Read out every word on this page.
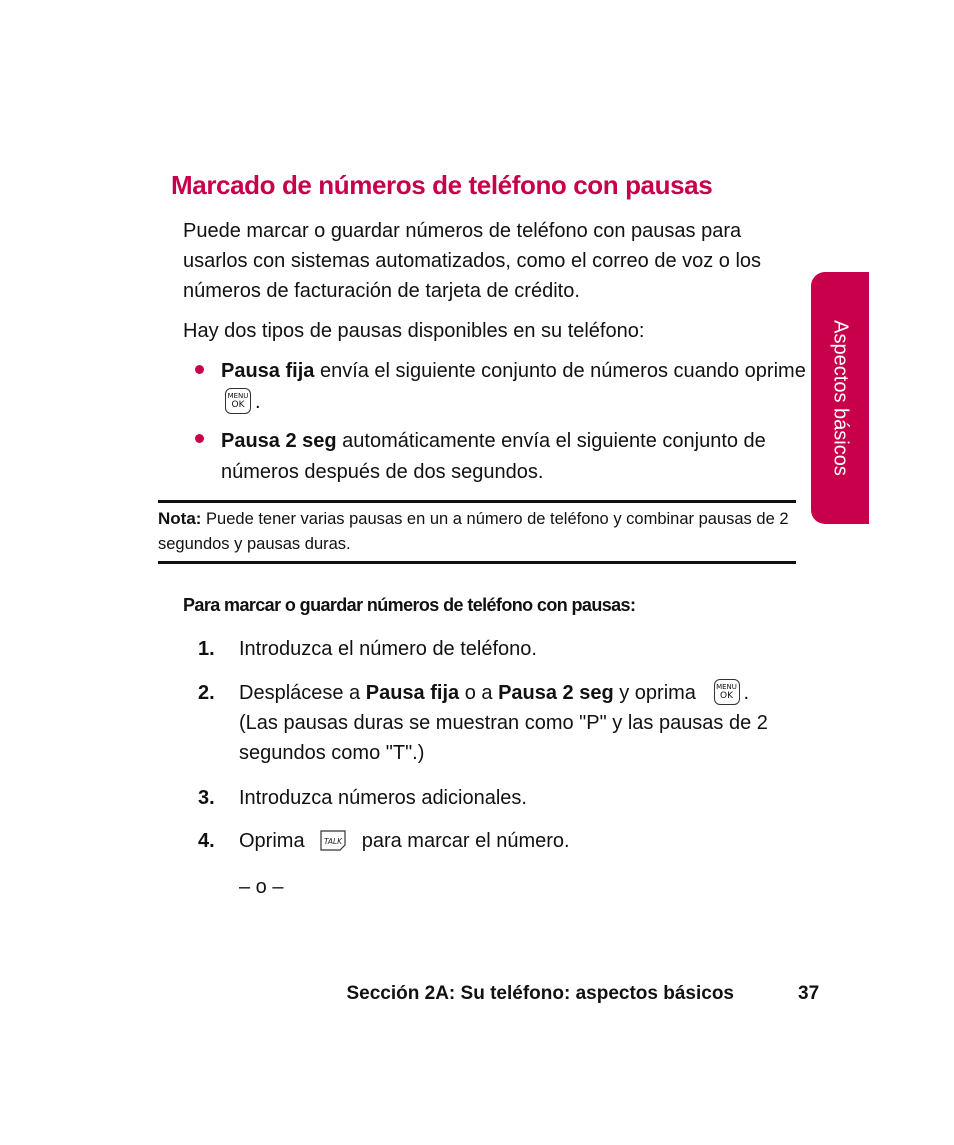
Marcado de números de teléfono con pausas
Puede marcar o guardar números de teléfono con pausas para usarlos con sistemas automatizados, como el correo de voz o los números de facturación de tarjeta de crédito.
Hay dos tipos de pausas disponibles en su teléfono:
Pausa fija envía el siguiente conjunto de números cuando oprime
MENU
OK .
Pausa 2 seg automáticamente envía el siguiente conjunto de números después de dos segundos.
Nota: Puede tener varias pausas en un a número de teléfono y combinar pausas de 2 segundos y pausas duras.
Para marcar o guardar números de teléfono con pausas:
1. Introduzca el número de teléfono.
2. Desplácese a Pausa fija o a Pausa 2 seg y oprima	MENU
OK .
(Las pausas duras se muestran como "P" y las pausas de 2 segundos como "T".)
3. Introduzca números adicionales.
4. Oprima	TALK para marcar el número.
– o –
Aspectos básicos
Sección 2A: Su teléfono: aspectos básicos	37
